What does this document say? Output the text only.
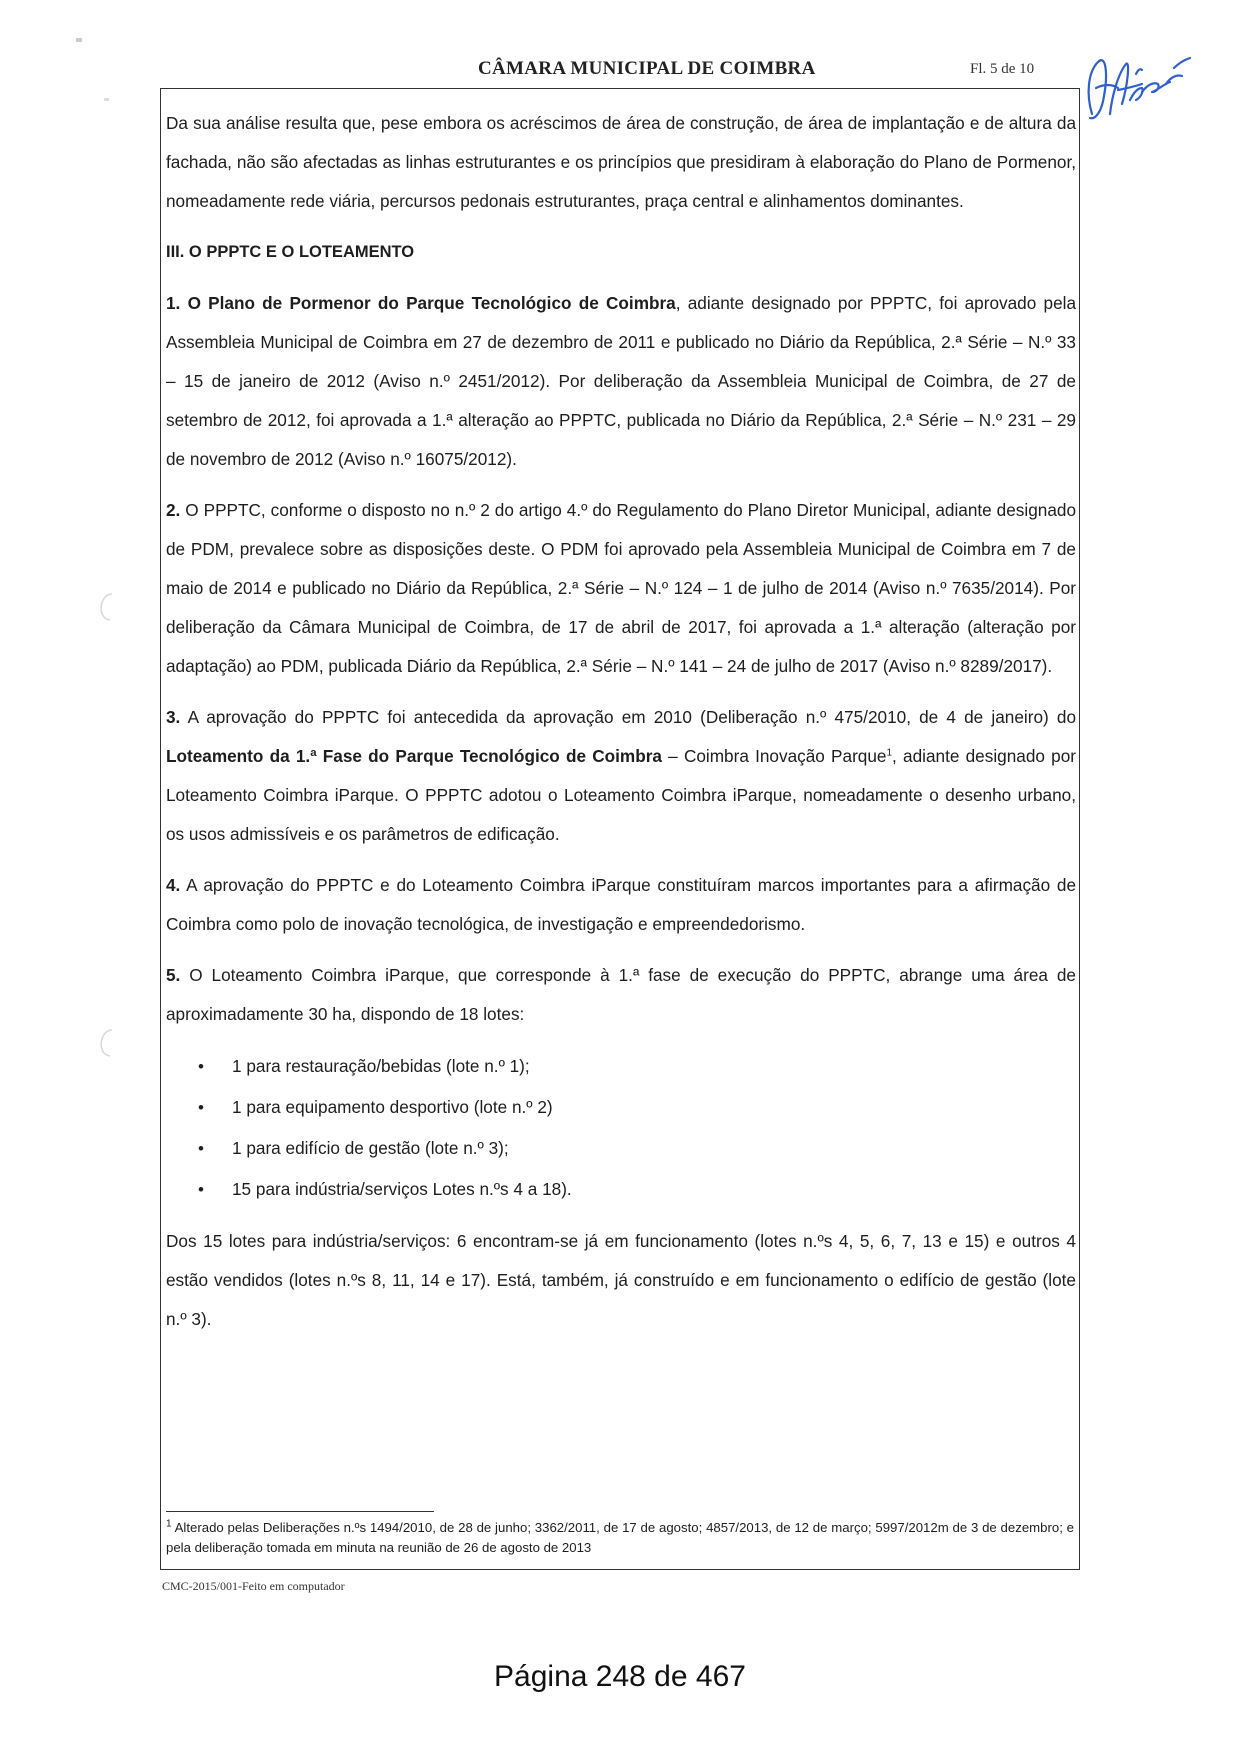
CÂMARA MUNICIPAL DE COIMBRA	Fl. 5 de 10

Da sua análise resulta que, pese embora os acréscimos de área de construção, de área de implantação e de altura da fachada, não são afectadas as linhas estruturantes e os princípios que presidiram à elaboração do Plano de Pormenor, nomeadamente rede viária, percursos pedonais estruturantes, praça central e alinhamentos dominantes.

III. O PPPTC E O LOTEAMENTO

1. O Plano de Pormenor do Parque Tecnológico de Coimbra, adiante designado por PPPTC, foi aprovado pela Assembleia Municipal de Coimbra em 27 de dezembro de 2011 e publicado no Diário da República, 2.ª Série – N.º 33 – 15 de janeiro de 2012 (Aviso n.º 2451/2012). Por deliberação da Assembleia Municipal de Coimbra, de 27 de setembro de 2012, foi aprovada a 1.ª alteração ao PPPTC, publicada no Diário da República, 2.ª Série – N.º 231 – 29 de novembro de 2012 (Aviso n.º 16075/2012).

2. O PPPTC, conforme o disposto no n.º 2 do artigo 4.º do Regulamento do Plano Diretor Municipal, adiante designado de PDM, prevalece sobre as disposições deste. O PDM foi aprovado pela Assembleia Municipal de Coimbra em 7 de maio de 2014 e publicado no Diário da República, 2.ª Série – N.º 124 – 1 de julho de 2014 (Aviso n.º 7635/2014). Por deliberação da Câmara Municipal de Coimbra, de 17 de abril de 2017, foi aprovada a 1.ª alteração (alteração por adaptação) ao PDM, publicada Diário da República, 2.ª Série – N.º 141 – 24 de julho de 2017 (Aviso n.º 8289/2017).

3. A aprovação do PPPTC foi antecedida da aprovação em 2010 (Deliberação n.º 475/2010, de 4 de janeiro) do Loteamento da 1.ª Fase do Parque Tecnológico de Coimbra – Coimbra Inovação Parque$^1$, adiante designado por Loteamento Coimbra iParque. O PPPTC adotou o Loteamento Coimbra iParque, nomeadamente o desenho urbano, os usos admissíveis e os parâmetros de edificação.

4. A aprovação do PPPTC e do Loteamento Coimbra iParque constituíram marcos importantes para a afirmação de Coimbra como polo de inovação tecnológica, de investigação e empreendedorismo.

5. O Loteamento Coimbra iParque, que corresponde à 1.ª fase de execução do PPPTC, abrange uma área de aproximadamente 30 ha, dispondo de 18 lotes:

• 1 para restauração/bebidas (lote n.º 1);
• 1 para equipamento desportivo (lote n.º 2)
• 1 para edifício de gestão (lote n.º 3);
• 15 para indústria/serviços Lotes n.ºs 4 a 18).

Dos 15 lotes para indústria/serviços: 6 encontram-se já em funcionamento (lotes n.ºs 4, 5, 6, 7, 13 e 15) e outros 4 estão vendidos (lotes n.ºs 8, 11, 14 e 17). Está, também, já construído e em funcionamento o edifício de gestão (lote n.º 3).

$^1$ Alterado pelas Deliberações n.ºs 1494/2010, de 28 de junho; 3362/2011, de 17 de agosto; 4857/2013, de 12 de março; 5997/2012m de 3 de dezembro; e pela deliberação tomada em minuta na reunião de 26 de agosto de 2013
CMC-2015/001-Feito em computador
Página 248 de 467
